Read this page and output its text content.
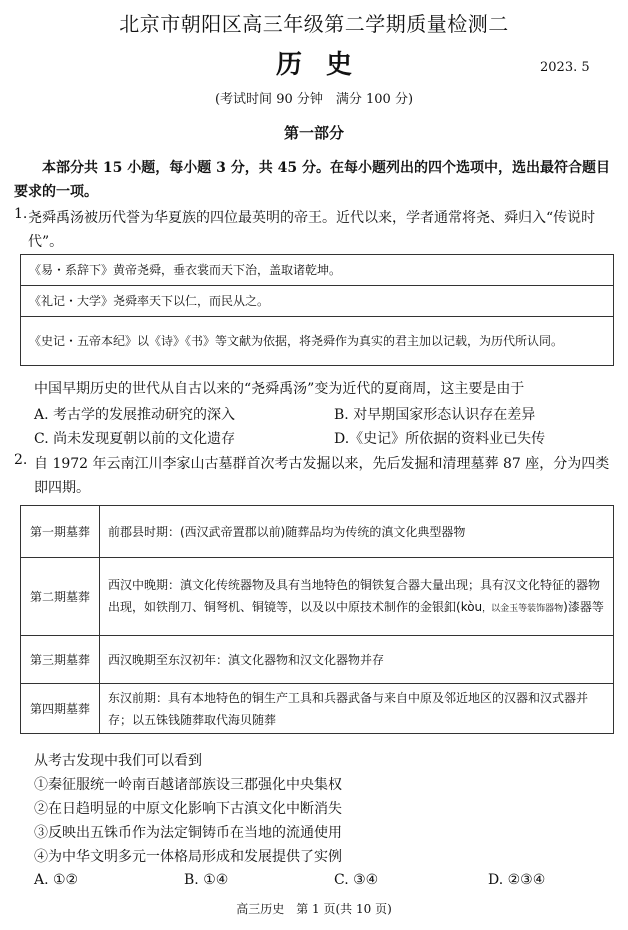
北京市朝阳区高三年级第二学期质量检测二
历史	2023. 5
(考试时间 90 分钟　满分 100 分)
第一部分
本部分共 15 小题，每小题 3 分，共 45 分。在每小题列出的四个选项中，选出最符合题目要求的一项。
1. 尧舜禹汤被历代誉为华夏族的四位最英明的帝王。近代以来，学者通常将尧、舜归入“传说时代”。
《易・系辞下》黄帝尧舜，垂衣裳而天下治，盖取诸乾坤。
《礼记・大学》尧舜率天下以仁，而民从之。
《史记・五帝本纪》以《诗》《书》等文献为依据，将尧舜作为真实的君主加以记载，为历代所认同。
中国早期历史的世代从自古以来的“尧舜禹汤”变为近代的夏商周，这主要是由于
A. 考古学的发展推动研究的深入	B. 对早期国家形态认识存在差异
C. 尚未发现夏朝以前的文化遗存	D.《史记》所依据的资料业已失传
2. 自 1972 年云南江川李家山古墓群首次考古发掘以来，先后发掘和清理墓葬 87 座，分为四类即四期。
第一期墓葬	前郡县时期：(西汉武帝置郡以前)随葬品均为传统的滇文化典型器物
第二期墓葬	西汉中晚期：滇文化传统器物及具有当地特色的铜铁复合器大量出现；具有汉文化特征的器物出现，如铁削刀、铜弩机、铜镜等，以及以中原技术制作的金银釦(kòu，以金玉等装饰器物)漆器等
第三期墓葬	西汉晚期至东汉初年：滇文化器物和汉文化器物并存
第四期墓葬	东汉前期：具有本地特色的铜生产工具和兵器武备与来自中原及邻近地区的汉器和汉式器并存；以五铢钱随葬取代海贝随葬
从考古发现中我们可以看到
①秦征服统一岭南百越诸部族设三郡强化中央集权
②在日趋明显的中原文化影响下古滇文化中断消失
③反映出五铢币作为法定铜铸币在当地的流通使用
④为中华文明多元一体格局形成和发展提供了实例
A. ①②	B. ①④	C. ③④	D. ②③④
高三历史　第 1 页(共 10 页)
